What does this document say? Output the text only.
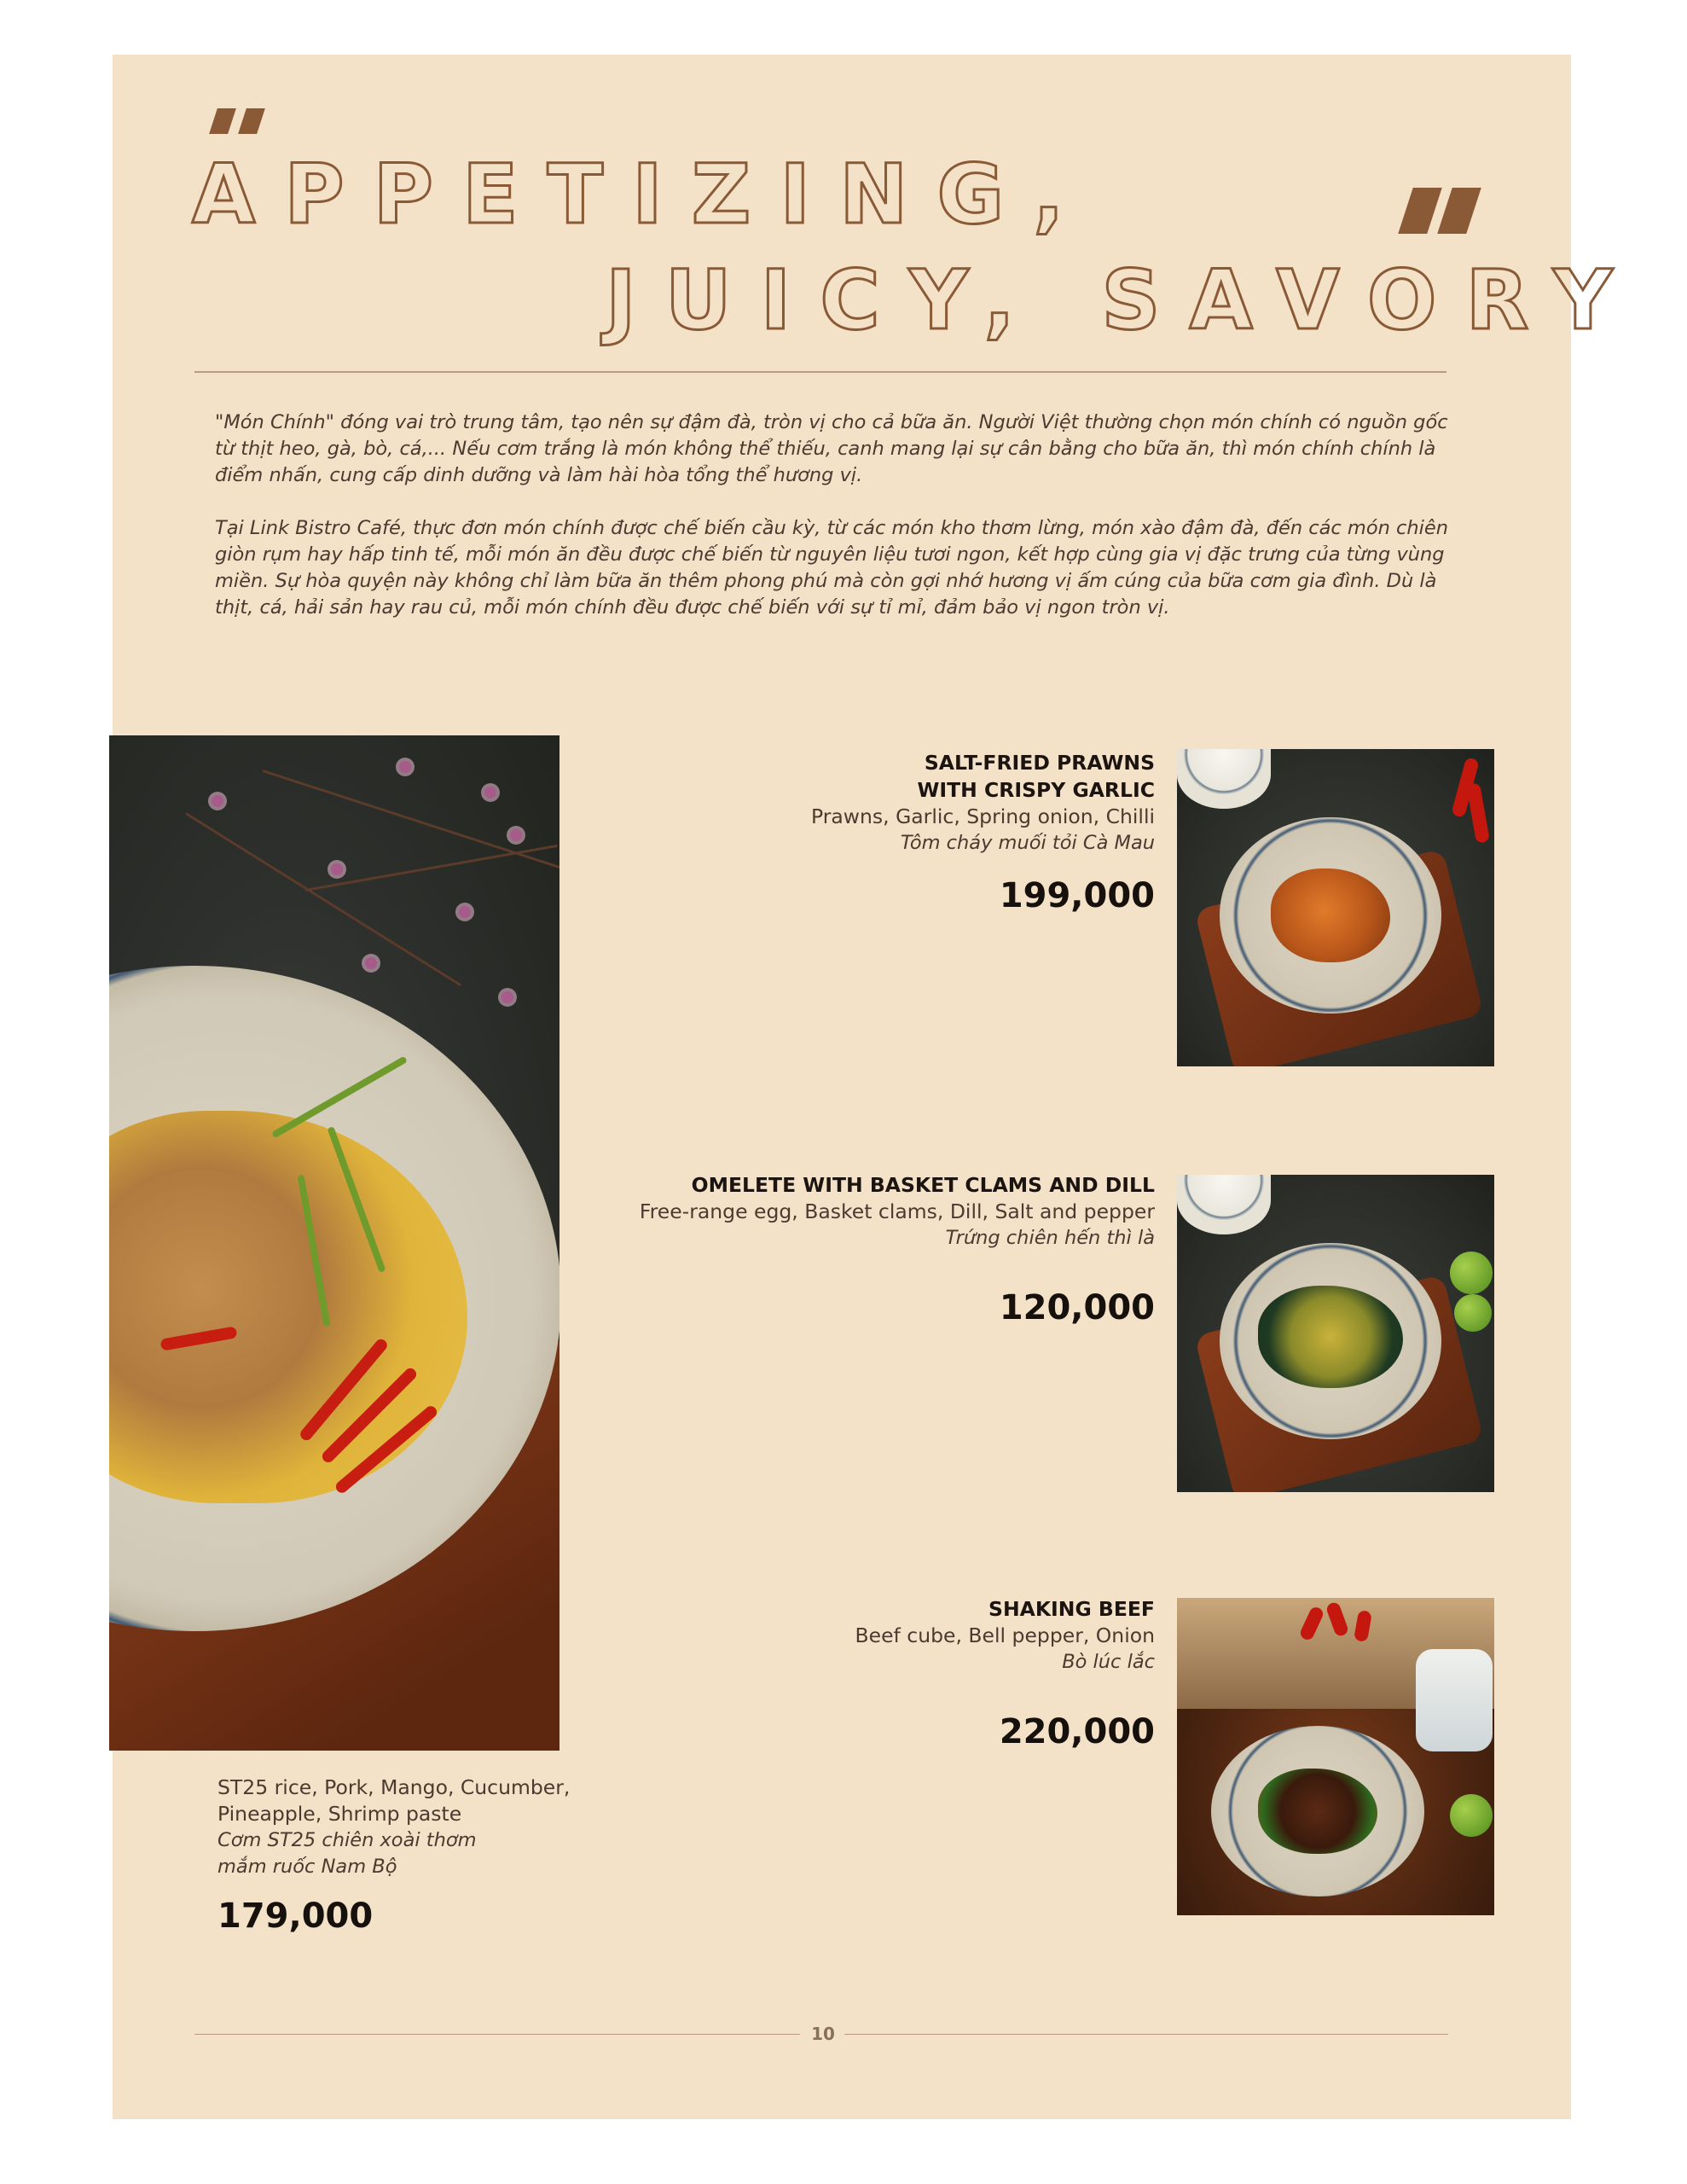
APPETIZING,
JUICY, SAVORY

"Món Chính" đóng vai trò trung tâm, tạo nên sự đậm đà, tròn vị cho cả bữa ăn. Người Việt thường chọn món chính có nguồn gốc từ thịt heo, gà, bò, cá,... Nếu cơm trắng là món không thể thiếu, canh mang lại sự cân bằng cho bữa ăn, thì món chính chính là điểm nhấn, cung cấp dinh dưỡng và làm hài hòa tổng thể hương vị.

Tại Link Bistro Café, thực đơn món chính được chế biến cầu kỳ, từ các món kho thơm lừng, món xào đậm đà, đến các món chiên giòn rụm hay hấp tinh tế, mỗi món ăn đều được chế biến từ nguyên liệu tươi ngon, kết hợp cùng gia vị đặc trưng của từng vùng miền. Sự hòa quyện này không chỉ làm bữa ăn thêm phong phú mà còn gợi nhớ hương vị ấm cúng của bữa cơm gia đình. Dù là thịt, cá, hải sản hay rau củ, mỗi món chính đều được chế biến với sự tỉ mỉ, đảm bảo vị ngon tròn vị.

ST25 rice, Pork, Mango, Cucumber,
Pineapple, Shrimp paste
Cơm ST25 chiên xoài thơm
mắm ruốc Nam Bộ
179,000
SALT-FRIED PRAWNS
WITH CRISPY GARLIC
Prawns, Garlic, Spring onion, Chilli
Tôm cháy muối tỏi Cà Mau
199,000
OMELETE WITH BASKET CLAMS AND DILL
Free-range egg, Basket clams, Dill, Salt and pepper
Trứng chiên hến thì là
120,000
SHAKING BEEF
Beef cube, Bell pepper, Onion
Bò lúc lắc
220,000
10
